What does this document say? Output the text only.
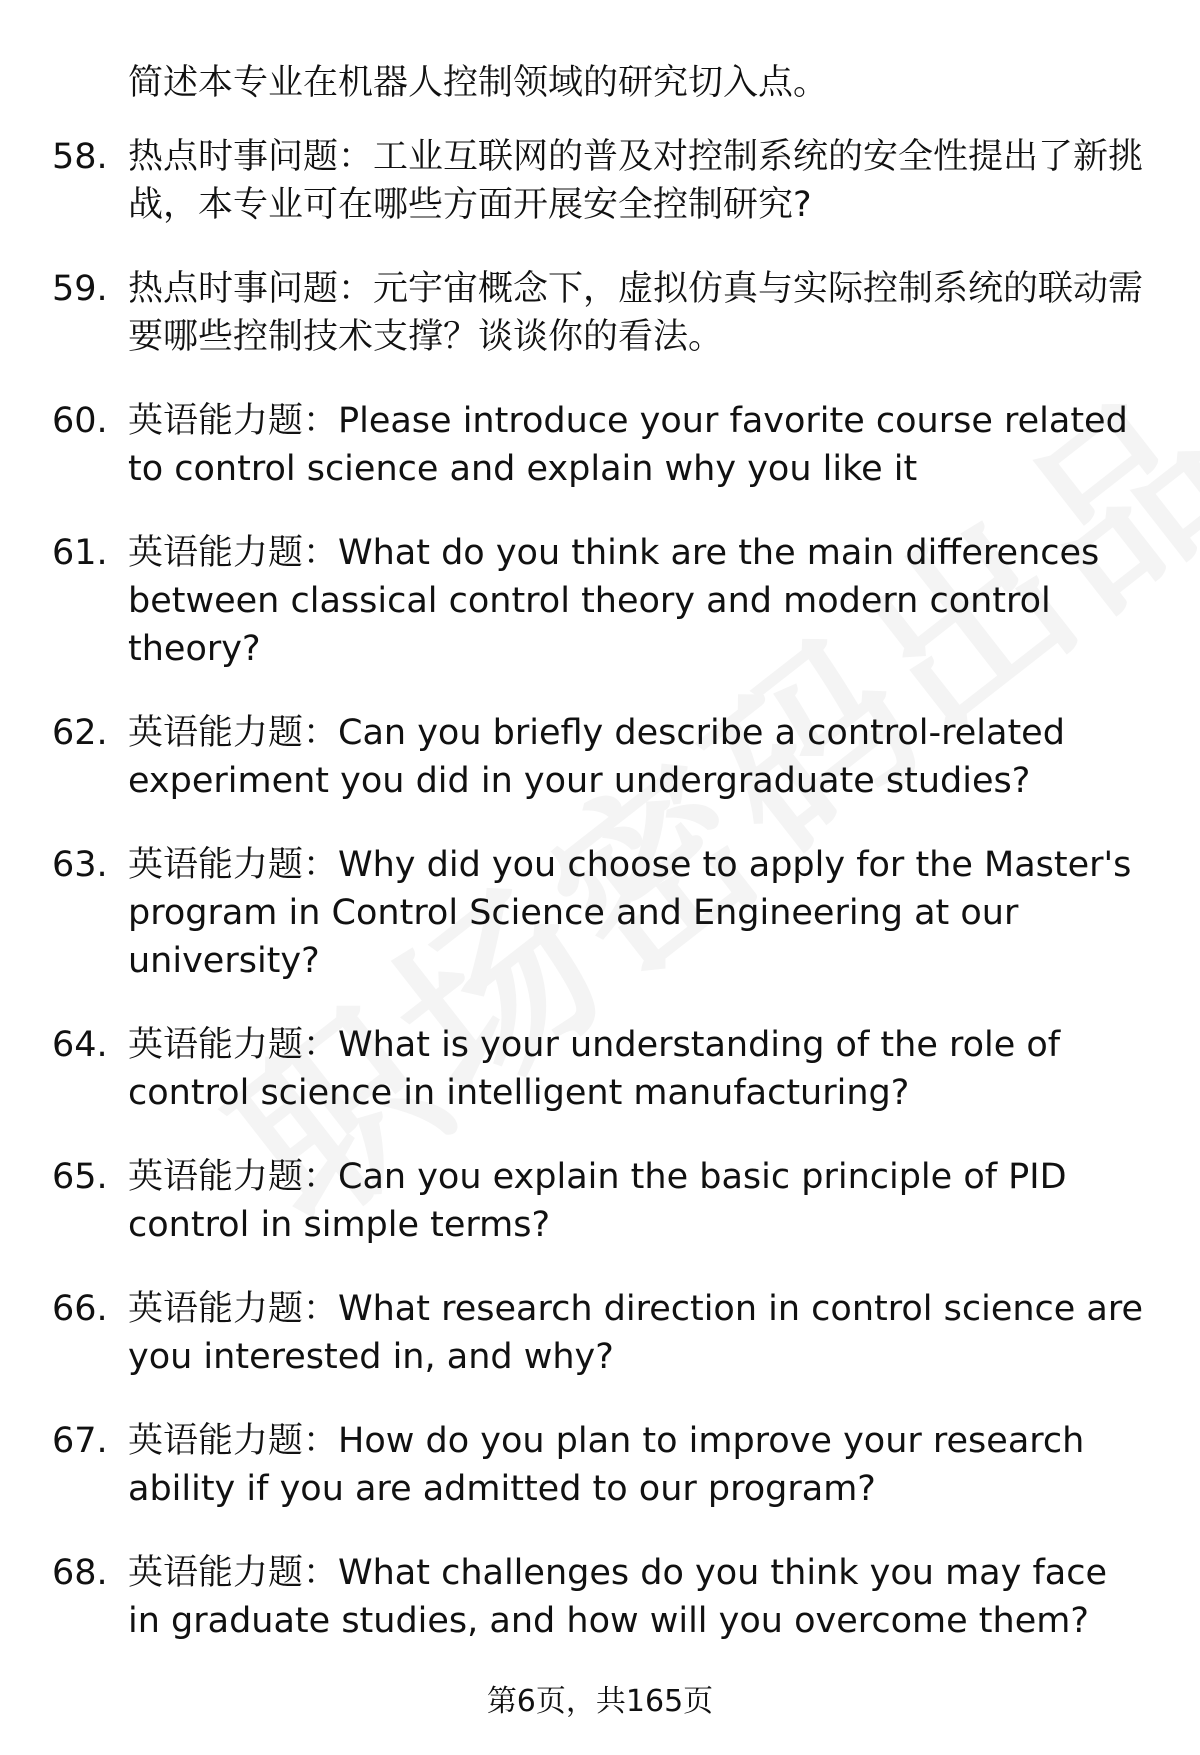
简述本专业在机器人控制领域的研究切入点。
58. 热点时事问题：工业互联网的普及对控制系统的安全性提出了新挑战，本专业可在哪些方面开展安全控制研究?
59. 热点时事问题：元宇宙概念下，虚拟仿真与实际控制系统的联动需要哪些控制技术支撑？谈谈你的看法。
60. 英语能力题：Please introduce your favorite course related to control science and explain why you like it
61. 英语能力题：What do you think are the main differences between classical control theory and modern control theory?
62. 英语能力题：Can you briefly describe a control-related experiment you did in your undergraduate studies?
63. 英语能力题：Why did you choose to apply for the Master's program in Control Science and Engineering at our university?
64. 英语能力题：What is your understanding of the role of control science in intelligent manufacturing?
65. 英语能力题：Can you explain the basic principle of PID control in simple terms?
66. 英语能力题：What research direction in control science are you interested in, and why?
67. 英语能力题：How do you plan to improve your research ability if you are admitted to our program?
68. 英语能力题：What challenges do you think you may face in graduate studies, and how will you overcome them?
第6页，共165页
